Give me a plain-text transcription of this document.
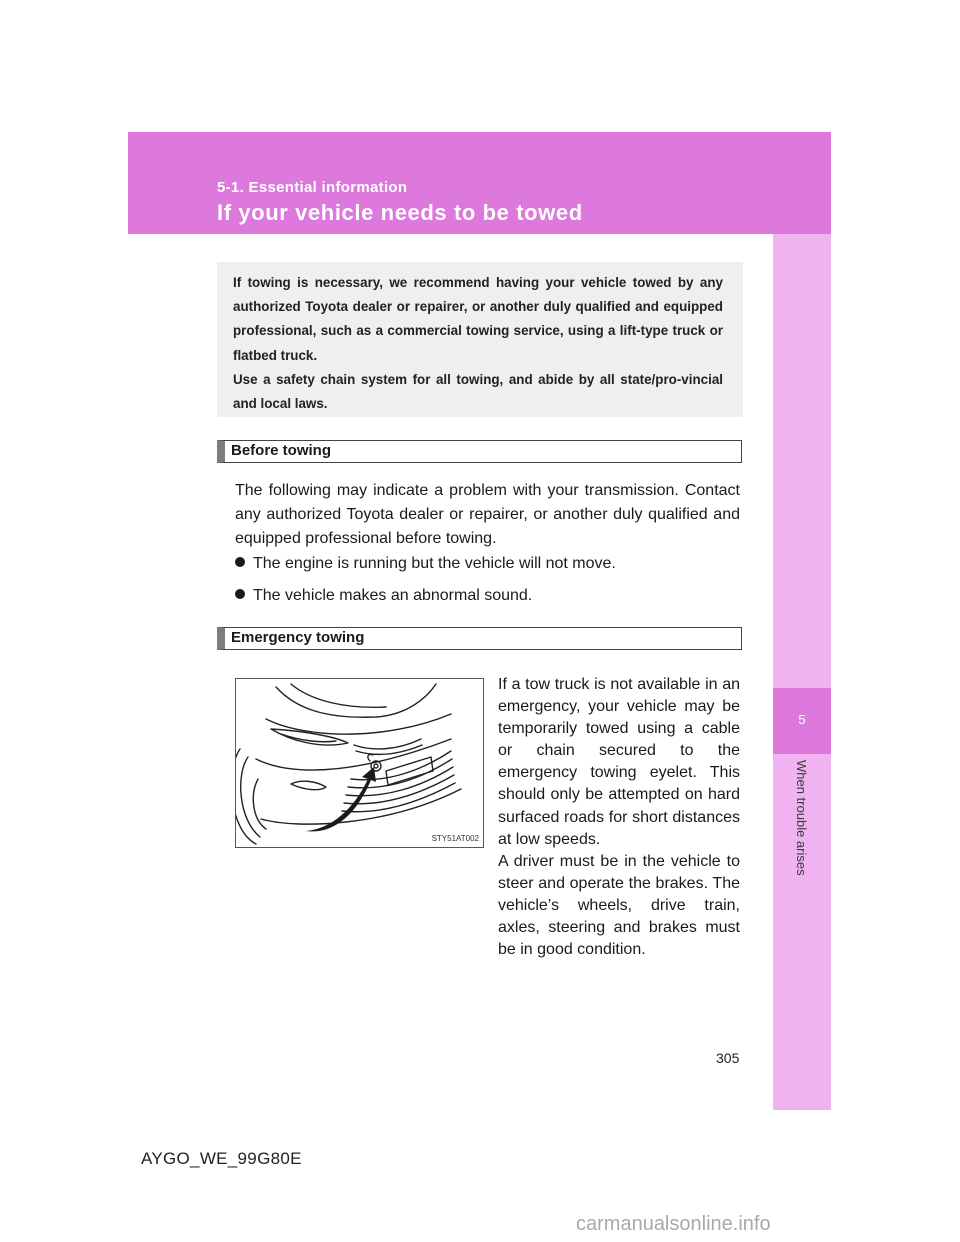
5-1. Essential information
If your vehicle needs to be towed
5
When trouble arises

If towing is necessary, we recommend having your vehicle towed by any authorized Toyota dealer or repairer, or another duly qualified and equipped professional, such as a commercial towing service, using a lift-type truck or flatbed truck.

Use a safety chain system for all towing, and abide by all state/pro-vincial and local laws.

Before towing

The following may indicate a problem with your transmission. Contact any authorized Toyota dealer or repairer, or another duly qualified and equipped professional before towing.

The engine is running but the vehicle will not move.
The vehicle makes an abnormal sound.
Emergency towing
STY51AT002
If a tow truck is not available in an emergency, your vehicle may be temporarily towed using a cable or chain secured to the emergency towing eyelet. This should only be attempted on hard surfaced roads for short distances at low speeds.
A driver must be in the vehicle to steer and operate the brakes. The vehicle’s wheels, drive train, axles, steering and brakes must be in good condition.
305
AYGO_WE_99G80E
carmanualsonline.info
